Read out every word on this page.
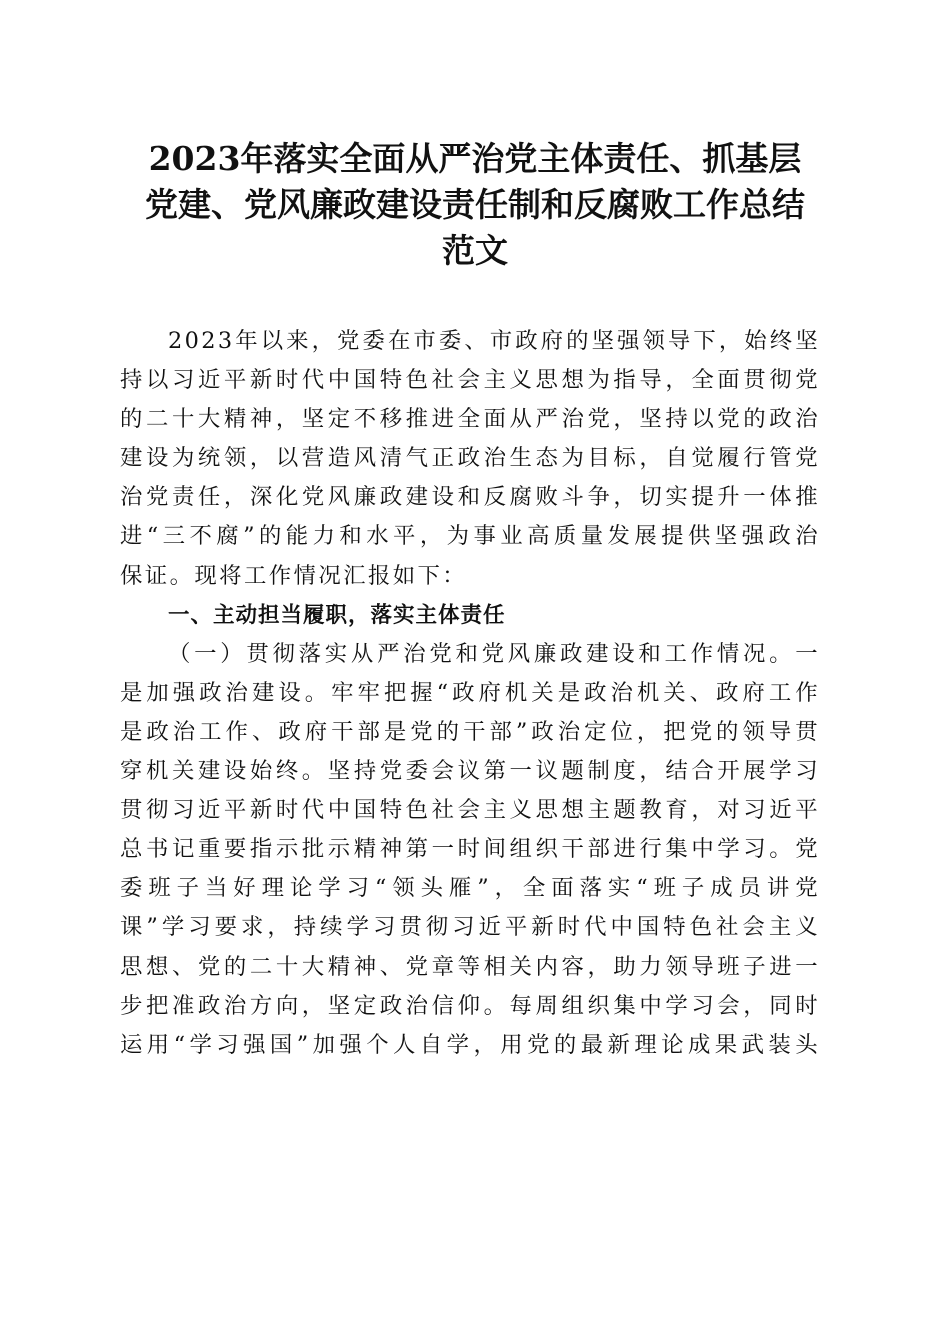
2023年落实全面从严治党主体责任、抓基层
党建、党风廉政建设责任制和反腐败工作总结
范文

2023年以来，党委在市委、市政府的坚强领导下，始终坚
持以习近平新时代中国特色社会主义思想为指导，全面贯彻党
的二十大精神，坚定不移推进全面从严治党，坚持以党的政治
建设为统领，以营造风清气正政治生态为目标，自觉履行管党
治党责任，深化党风廉政建设和反腐败斗争，切实提升一体推
进“三不腐”的能力和水平，为事业高质量发展提供坚强政治
保证。现将工作情况汇报如下：

一、主动担当履职，落实主体责任

（一）贯彻落实从严治党和党风廉政建设和工作情况。一
是加强政治建设。牢牢把握“政府机关是政治机关、政府工作
是政治工作、政府干部是党的干部”政治定位，把党的领导贯
穿机关建设始终。坚持党委会议第一议题制度，结合开展学习
贯彻习近平新时代中国特色社会主义思想主题教育，对习近平
总书记重要指示批示精神第一时间组织干部进行集中学习。党
委班子当好理论学习“领头雁”，全面落实“班子成员讲党
课”学习要求，持续学习贯彻习近平新时代中国特色社会主义
思想、党的二十大精神、党章等相关内容，助力领导班子进一
步把准政治方向，坚定政治信仰。每周组织集中学习会，同时
运用“学习强国”加强个人自学，用党的最新理论成果武装头
